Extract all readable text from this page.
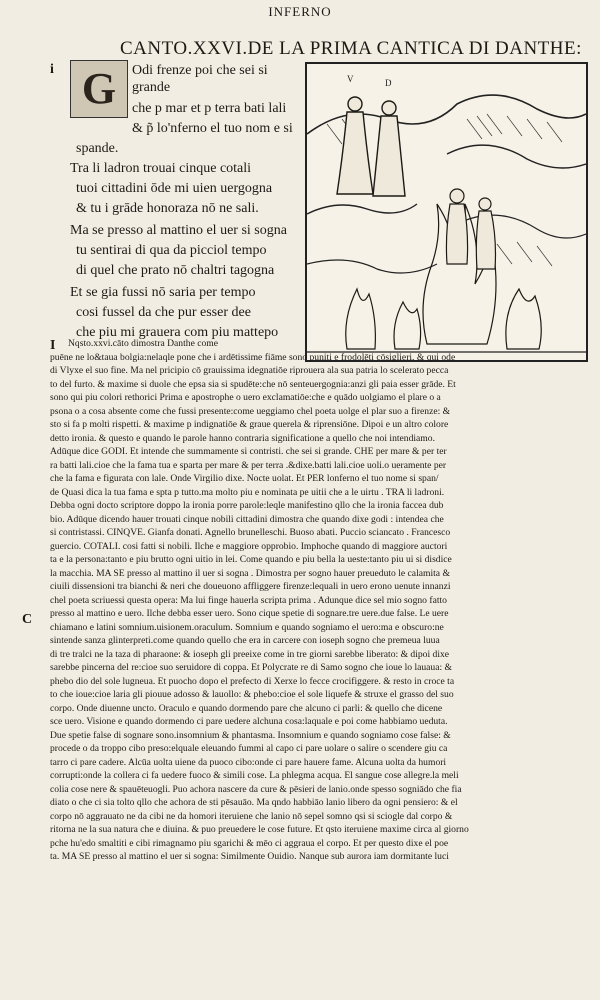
INFERNO
CANTO.XXVI.DE LA PRIMA CANTICA DI DANTHE:
V	D
G	Odi frenze poi che sei si
grande
che p mar et p terra bati lali
& p̃ lo'nferno el tuo nom e si
spande.
Tra li ladron trouai cinque cotali
tuoi cittadini ōde mi uien uergogna
& tu i grāde honoraza nō ne sali.
Ma se presso al mattino el uer si sogna
tu sentirai di qua da picciol tempo
di quel che prato nō chaltri tagogna
Et se gia fussi nō saria per tempo
cosi fussel da che pur esser dee
che piu mi grauera com piu mattepo
i
I
C

Nqsto.xxvi.cāto dimostra Danthe come

puēne ne lo&taua bolgia:nelaqle pone che i ardētissime fiāme sono puniti e frodolēti cōsiglieri. & qui ode

di Vlyxe el suo fine. Ma nel pricipio cō grauissima idegnatiōe riprouera ala sua patria lo scelerato pecca

to del furto. & maxime si duole che epsa sia si spudēte:che nō senteuergognia:anzi gli paia esser grāde. Et

sono qui piu colori rethorici Prima e apostrophe o uero exclamatiōe:che e quādo uolgiamo el plare o a

psona o a cosa absente come che fussi presente:come ueggiamo chel poeta uolge el plar suo a firenze: &

sto si fa p molti rispetti. & maxime p indignatiōe & graue querela & riprensiōne. Dipoi e un altro colore

detto ironia. & questo e quando le parole hanno contraria significatione a quello che noi intendiamo.

Adūque dice GODI. Et intende che summamente si contristi. che sei si grande. CHE per mare & per ter

ra batti lali.cioe che la fama tua e sparta per mare & per terra .&dixe.batti lali.cioe uoli.o ueramente per

che la fama e figurata con lale. Onde Virgilio dixe. Nocte uolat. Et PER lonferno el tuo nome si span/

de Quasi dica la tua fama e spta p tutto.ma molto piu e nominata pe uitii che a le uirtu . TRA li ladroni.

Debba ogni docto scriptore doppo la ironia porre parole:leqle manifestino qllo che la ironia faccea dub

bio. Adūque dicendo hauer trouati cinque nobili cittadini dimostra che quando dixe godi : intendea che

si contristassi. CINQVE. Gianfa donati. Agnello brunelleschi. Buoso abati. Puccio sciancato . Francesco

guercio. COTALI. cosi fatti si nobili. Ilche e maggiore opprobio. Imphoche quando di maggiore auctori

ta e la persona:tanto e piu brutto ogni uitio in lei. Come quando e piu bella la ueste:tanto piu ui si disdice

la macchia. MA SE presso al mattino il uer si sogna . Dimostra per sogno hauer preueduto le calamita &

ciuili dissensioni tra bianchi & neri che doueuono affliggere firenze:lequali in uero erono uenute innanzi

chel poeta scriuessi questa opera: Ma lui finge hauerla scripta prima . Adunque dice sel mio sogno fatto

presso al mattino e uero. Ilche debba esser uero. Sono cique spetie di sognare.tre uere.due false. Le uere

chiamano e latini somnium.uisionem.oraculum. Somnium e quando sogniamo el uero:ma e obscuro:ne

sintende sanza glinterpreti.come quando quello che era in carcere con ioseph sogno che premeua luua

di tre tralci ne la taza di pharaone: & ioseph gli preeixe come in tre giorni sarebbe liberato: & dipoi dixe

sarebbe pincerna del re:cioe suo seruidore di coppa. Et Polycrate re di Samo sogno che ioue lo lauaua: &

phebo dio del sole lugneua. Et puocho dopo el prefecto di Xerxe lo fecce crocifiggere. & resto in croce ta

to che ioue:cioe laria gli piouue adosso & lauollo: & phebo:cioe el sole liquefe & struxe el grasso del suo

corpo. Onde diuenne uncto. Oraculo e quando dormendo pare che alcuno ci parli: & quello che dicene

sce uero. Visione e quando dormendo ci pare uedere alchuna cosa:laquale e poi come habbiamo ueduta.

Due spetie false di sognare sono.insomnium & phantasma. Insomnium e quando sogniamo cose false: &

procede o da troppo cibo preso:elquale eleuando fummi al capo ci pare uolare o salire o scendere giu ca

tarro ci pare cadere. Alcūa uolta uiene da puoco cibo:onde ci pare hauere fame. Alcuna uolta da humori

corrupti:onde la collera ci fa uedere fuoco & simili cose. La phlegma acqua. El sangue cose allegre.la meli

colia cose nere & spauēteuogli. Puo achora nascere da cure & pēsieri de lanio.onde spesso sogniādo che fia

diato o che ci sia tolto qllo che achora de sti pēsauāo. Ma qndo habbiāo lanio libero da ogni pensiero: & el

corpo nō aggrauato ne da cibi ne da homori iteruiene che lanio nō sepel somno qsi si sciogle dal corpo &

ritorna ne la sua natura che e diuina. & puo preuedere le cose future. Et qsto iteruiene maxime circa al giorno

pche hu'edo smaltiti e cibi rimagnamo piu sgarichi & mēo ci aggraua el corpo. Et per questo dixe el poe

ta. MA SE presso al mattino el uer si sogna: Similmente Ouidio. Nanque sub aurora iam dormitante luci
